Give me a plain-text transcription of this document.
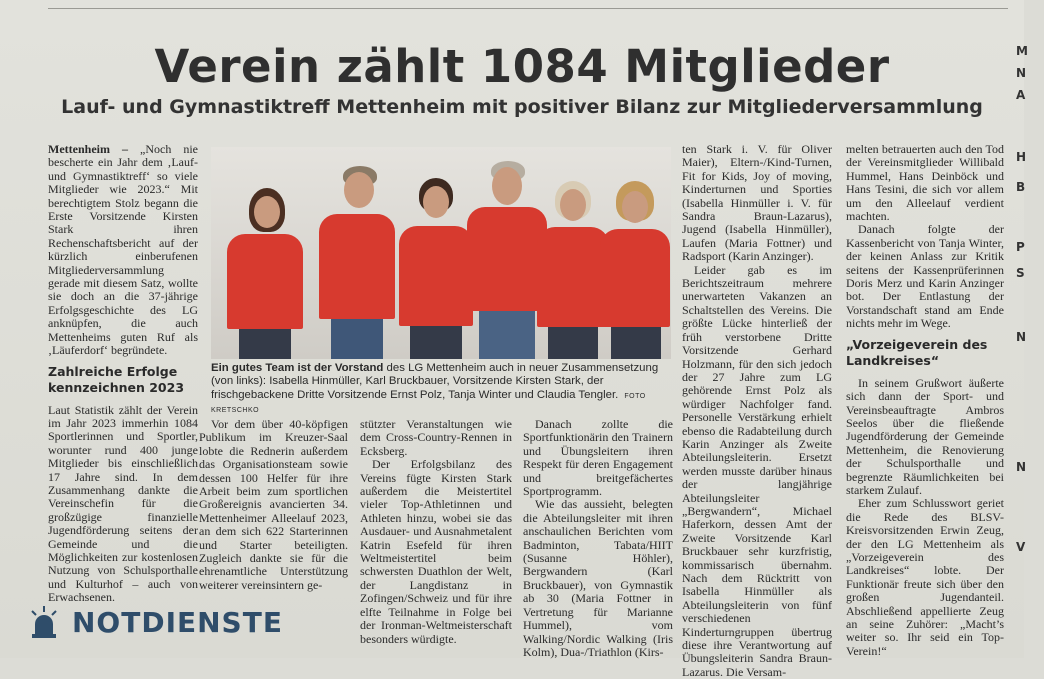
Verein zählt 1084 Mitglieder
Lauf- und Gymnastiktreff Mettenheim mit positiver Bilanz zur Mitgliederversammlung

Mettenheim – „Noch nie bescherte ein Jahr dem ‚Lauf- und Gymnastiktreff‘ so viele Mitglieder wie 2023.“ Mit berechtigtem Stolz begann die Erste Vorsitzende Kirsten Stark ihren Rechenschaftsbericht auf der kürzlich einberufenen Mitgliederversammlung gerade mit diesem Satz, wollte sie doch an die 37-jährige Erfolgsgeschichte des LG anknüpfen, die auch Mettenheims guten Ruf als ‚Läuferdorf‘ begründete.

Zahlreiche Erfolge kennzeichnen 2023

Laut Statistik zählt der Verein im Jahr 2023 immerhin 1084 Sportlerinnen und Sportler, worunter rund 400 junge Mitglieder bis einschließlich 17 Jahre sind. In dem Zusammenhang dankte die Vereinschefin für die großzügige finanzielle Jugendförderung seitens der Gemeinde und die Möglichkeiten zur kostenlosen Nutzung von Schulsporthalle und Kulturhof – auch von Erwachsenen.

Ein gutes Team ist der Vorstand des LG Mettenheim auch in neuer Zusammensetzung (von links): Isabella Hinmüller, Karl Bruckbauer, Vorsitzende Kirsten Stark, der frischgebackene Dritte Vorsitzende Ernst Polz, Tanja Winter und Claudia Tengler. FOTO KRETSCHKO

Vor dem über 40-köpfigen Publikum im Kreuzer-Saal lobte die Rednerin außerdem das Organisationsteam sowie dessen 100 Helfer für ihre Arbeit beim zum sportlichen Großereignis avancierten 34. Mettenheimer Alleelauf 2023, an dem sich 622 Starterinnen und Starter beteiligten. Zugleich dankte sie für die ehrenamtliche Unterstützung weiterer vereinsintern ge-

stützter Veranstaltungen wie dem Cross-Country-Rennen in Ecksberg.

Der Erfolgsbilanz des Vereins fügte Kirsten Stark außerdem die Meistertitel vieler Top-Athletinnen und Athleten hinzu, wobei sie das Ausdauer- und Ausnahmetalent Katrin Esefeld für ihren Weltmeistertitel beim schwersten Duathlon der Welt, der Langdistanz in Zofingen/Schweiz und für ihre elfte Teilnahme in Folge bei der Ironman-Weltmeisterschaft besonders würdigte.

Danach zollte die Sportfunktionärin den Trainern und Übungsleitern ihren Respekt für deren Engagement und breitgefächertes Sportprogramm.

Wie das aussieht, belegten die Abteilungsleiter mit ihren anschaulichen Berichten vom Badminton, Tabata/HIIT (Susanne Höhler), Bergwandern (Karl Bruckbauer), von Gymnastik ab 30 (Maria Fottner in Vertretung für Marianne Hummel), vom Walking/Nordic Walking (Iris Kolm), Dua-/Triathlon (Kirs-

ten Stark i. V. für Oliver Maier), Eltern-/Kind-Turnen, Fit for Kids, Joy of moving, Kinderturnen und Sporties (Isabella Hinmüller i. V. für Sandra Braun-Lazarus), Jugend (Isabella Hinmüller), Laufen (Maria Fottner) und Radsport (Karin Anzinger).

Leider gab es im Berichtszeitraum mehrere unerwarteten Vakanzen an Schaltstellen des Vereins. Die größte Lücke hinterließ der früh verstorbene Dritte Vorsitzende Gerhard Holzmann, für den sich jedoch der 27 Jahre zum LG gehörende Ernst Polz als würdiger Nachfolger fand. Personelle Verstärkung erhielt ebenso die Radabteilung durch Karin Anzinger als Zweite Abteilungsleiterin. Ersetzt werden musste darüber hinaus der langjährige Abteilungsleiter „Bergwandern“, Michael Haferkorn, dessen Amt der Zweite Vorsitzende Karl Bruckbauer sehr kurzfristig, kommissarisch übernahm. Nach dem Rücktritt von Isabella Hinmüller als Abteilungsleiterin von fünf verschiedenen Kinderturngruppen übertrug diese ihre Verantwortung auf Übungsleiterin Sandra Braun-Lazarus. Die Versam-

melten betrauerten auch den Tod der Vereinsmitglieder Willibald Hummel, Hans Deinböck und Hans Tesini, die sich vor allem um den Alleelauf verdient machten.

Danach folgte der Kassenbericht von Tanja Winter, der keinen Anlass zur Kritik seitens der Kassenprüferinnen Doris Merz und Karin Anzinger bot. Der Entlastung der Vorstandschaft stand am Ende nichts mehr im Wege.

„Vorzeigeverein des Landkreises“

In seinem Grußwort äußerte sich dann der Sport- und Vereinsbeauftragte Ambros Seelos über die fließende Jugendförderung der Gemeinde Mettenheim, die Renovierung der Schulsporthalle und begrenzte Räumlichkeiten bei starkem Zulauf.

Eher zum Schlusswort geriet die Rede des BLSV-Kreisvorsitzenden Erwin Zeug, der den LG Mettenheim als „Vorzeigeverein des Landkreises“ lobte. Der Funktionär freute sich über den großen Jugendanteil. Abschließend appellierte Zeug an seine Zuhörer: „Macht’s weiter so. Ihr seid ein Top-Verein!“

NOTDIENSTE
M
N
A
H
B
P
S
N
N
V
